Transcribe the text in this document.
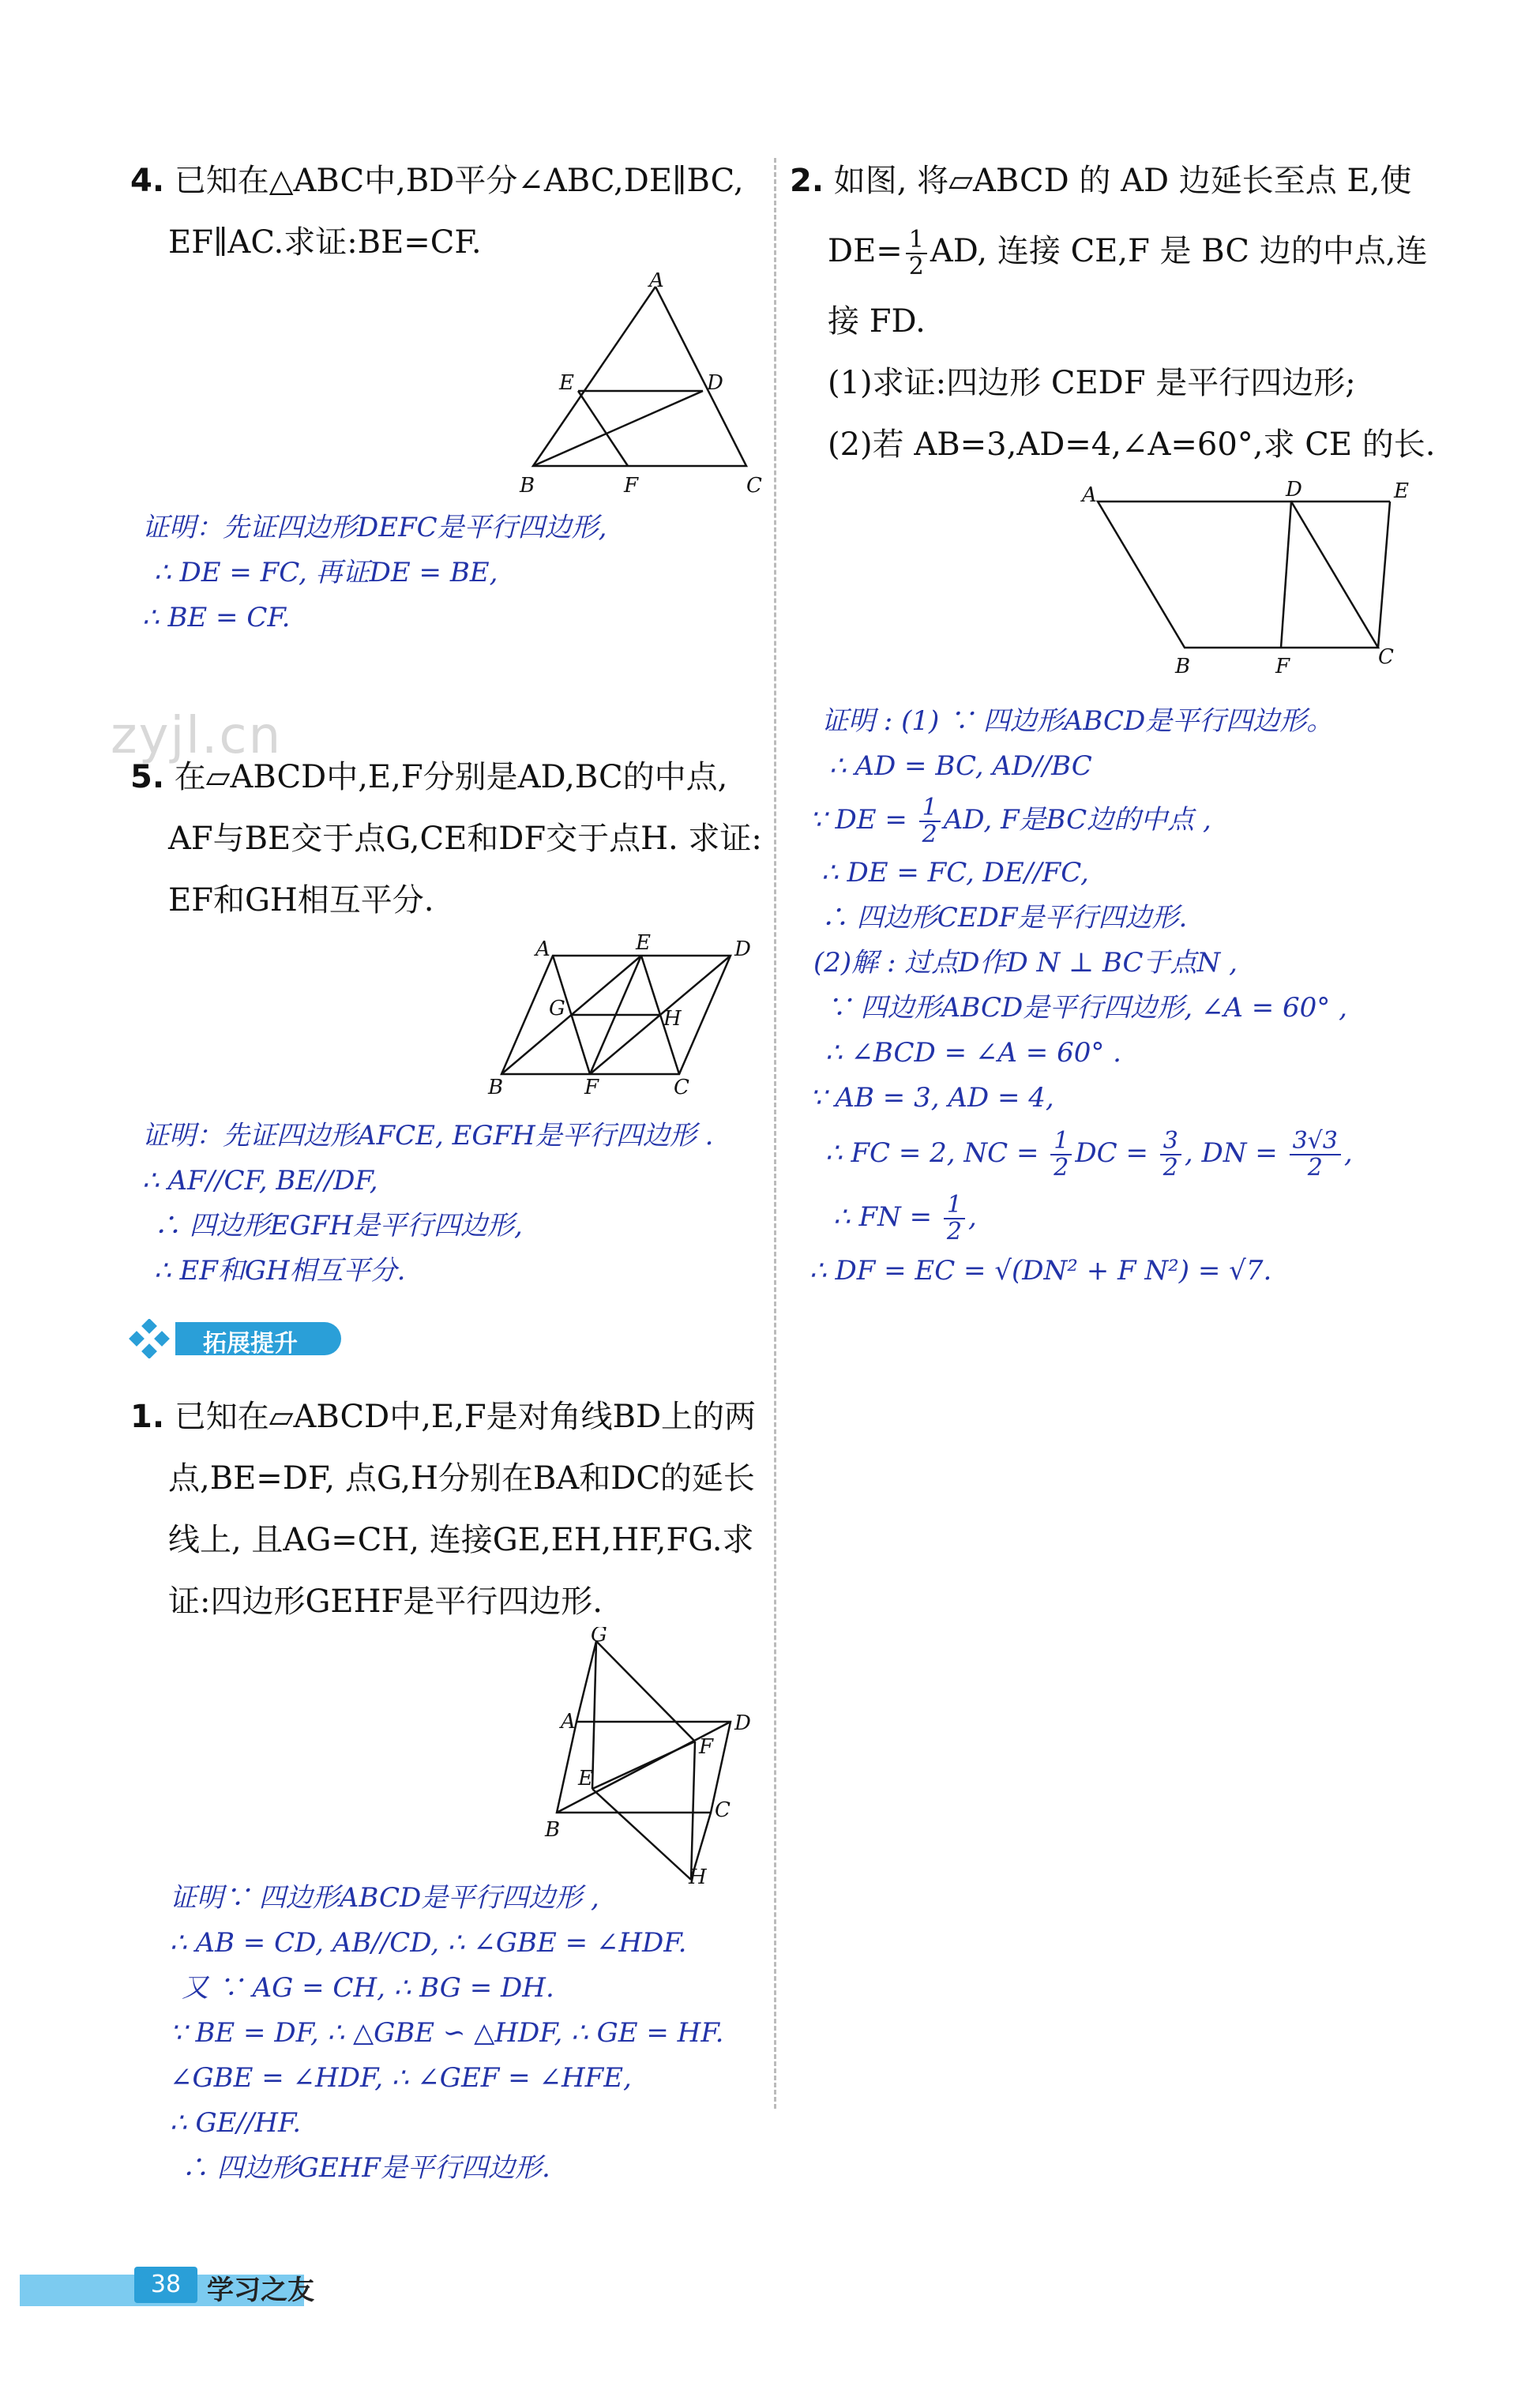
zyjl.cn
4. 已知在△ABC中,BD平分∠ABC,DE∥BC,
EF∥AC.求证:BE=CF.
A
B	C
D
E
F
证明：先证四边形DEFC是平行四边形,
∴ DE = FC, 再证DE = BE,
∴ BE = CF.
5. 在▱ABCD中,E,F分别是AD,BC的中点,
AF与BE交于点G,CE和DF交于点H. 求证:
EF和GH相互平分.
A	E	D
B	F	C
G	H
证明：先证四边形AFCE, EGFH是平行四边形 .
∴ AF//CF, BE//DF,
∴ 四边形EGFH是平行四边形,
∴ EF和GH相互平分.
拓展提升
1. 已知在▱ABCD中,E,F是对角线BD上的两
点,BE=DF, 点G,H分别在BA和DC的延长
线上, 且AG=CH, 连接GE,EH,HF,FG.求
证:四边形GEHF是平行四边形.
G
A	D
F
E
C
B
H
证明∵ 四边形ABCD是平行四边形 ,
∴ AB = CD, AB//CD, ∴ ∠GBE = ∠HDF.
又 ∵ AG = CH, ∴ BG = DH.
∵ BE = DF, ∴ △GBE ∽ △HDF, ∴ GE = HF.
∠GBE = ∠HDF, ∴ ∠GEF = ∠HFE,
∴ GE//HF.
∴ 四边形GEHF是平行四边形.
2. 如图, 将▱ABCD 的 AD 边延长至点 E,使
$DE= \frac{1}{2}$ AD, 连接 CE,F 是 BC 边的中点,连
接 FD.
(1)求证:四边形 CEDF 是平行四边形;
(2)若 AB=3,AD=4,∠A=60°,求 CE 的长.
A	D	E
B	F	C
证明 : (1) ∵ 四边形ABCD是平行四边形。
∴ AD = BC, AD//BC
∵ DE = $\frac{1}{2}$ AD, F是BC边的中点 ,
∴ DE = FC, DE//FC,
∴ 四边形CEDF是平行四边形.
(2)解 : 过点D作D N ⊥ BC于点N ,
∵ 四边形ABCD是平行四边形, ∠A = 60° ,
∴ ∠BCD = ∠A = 60° .
∵ AB = 3, AD = 4,
∴ FC = 2, NC = $\frac{1}{2}$ DC = $\frac{3}{2}$ , DN = $\frac{3√3}{2}$ ,
∴ FN = $\frac{1}{2}$ ,
∴ DF = EC = √(DN² + F N²) = √7.
38 学习之友
